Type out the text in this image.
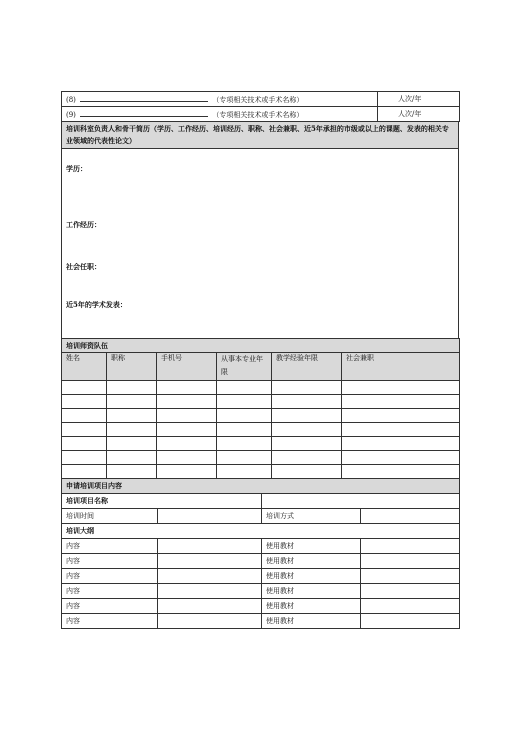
(8) （专项相关技术或手术名称）	人次/年
(9) （专项相关技术或手术名称）	人次/年
培训科室负责人和骨干简历（学历、工作经历、培训经历、职称、社会兼职、近5年承担的市级或以上的课题、发表的相关专业领域的代表性论文）

学历：
工作经历：
社会任职：
近5年的学术发表：
培训师资队伍					
姓名	职称	手机号	从事本专业年限	教学经验年限	社会兼职

申请培训项目内容			
培训项目名称			
培训时间		培训方式	
培训大纲			
内容		使用教材	
内容		使用教材	
内容		使用教材	
内容		使用教材	
内容		使用教材	
内容		使用教材	
